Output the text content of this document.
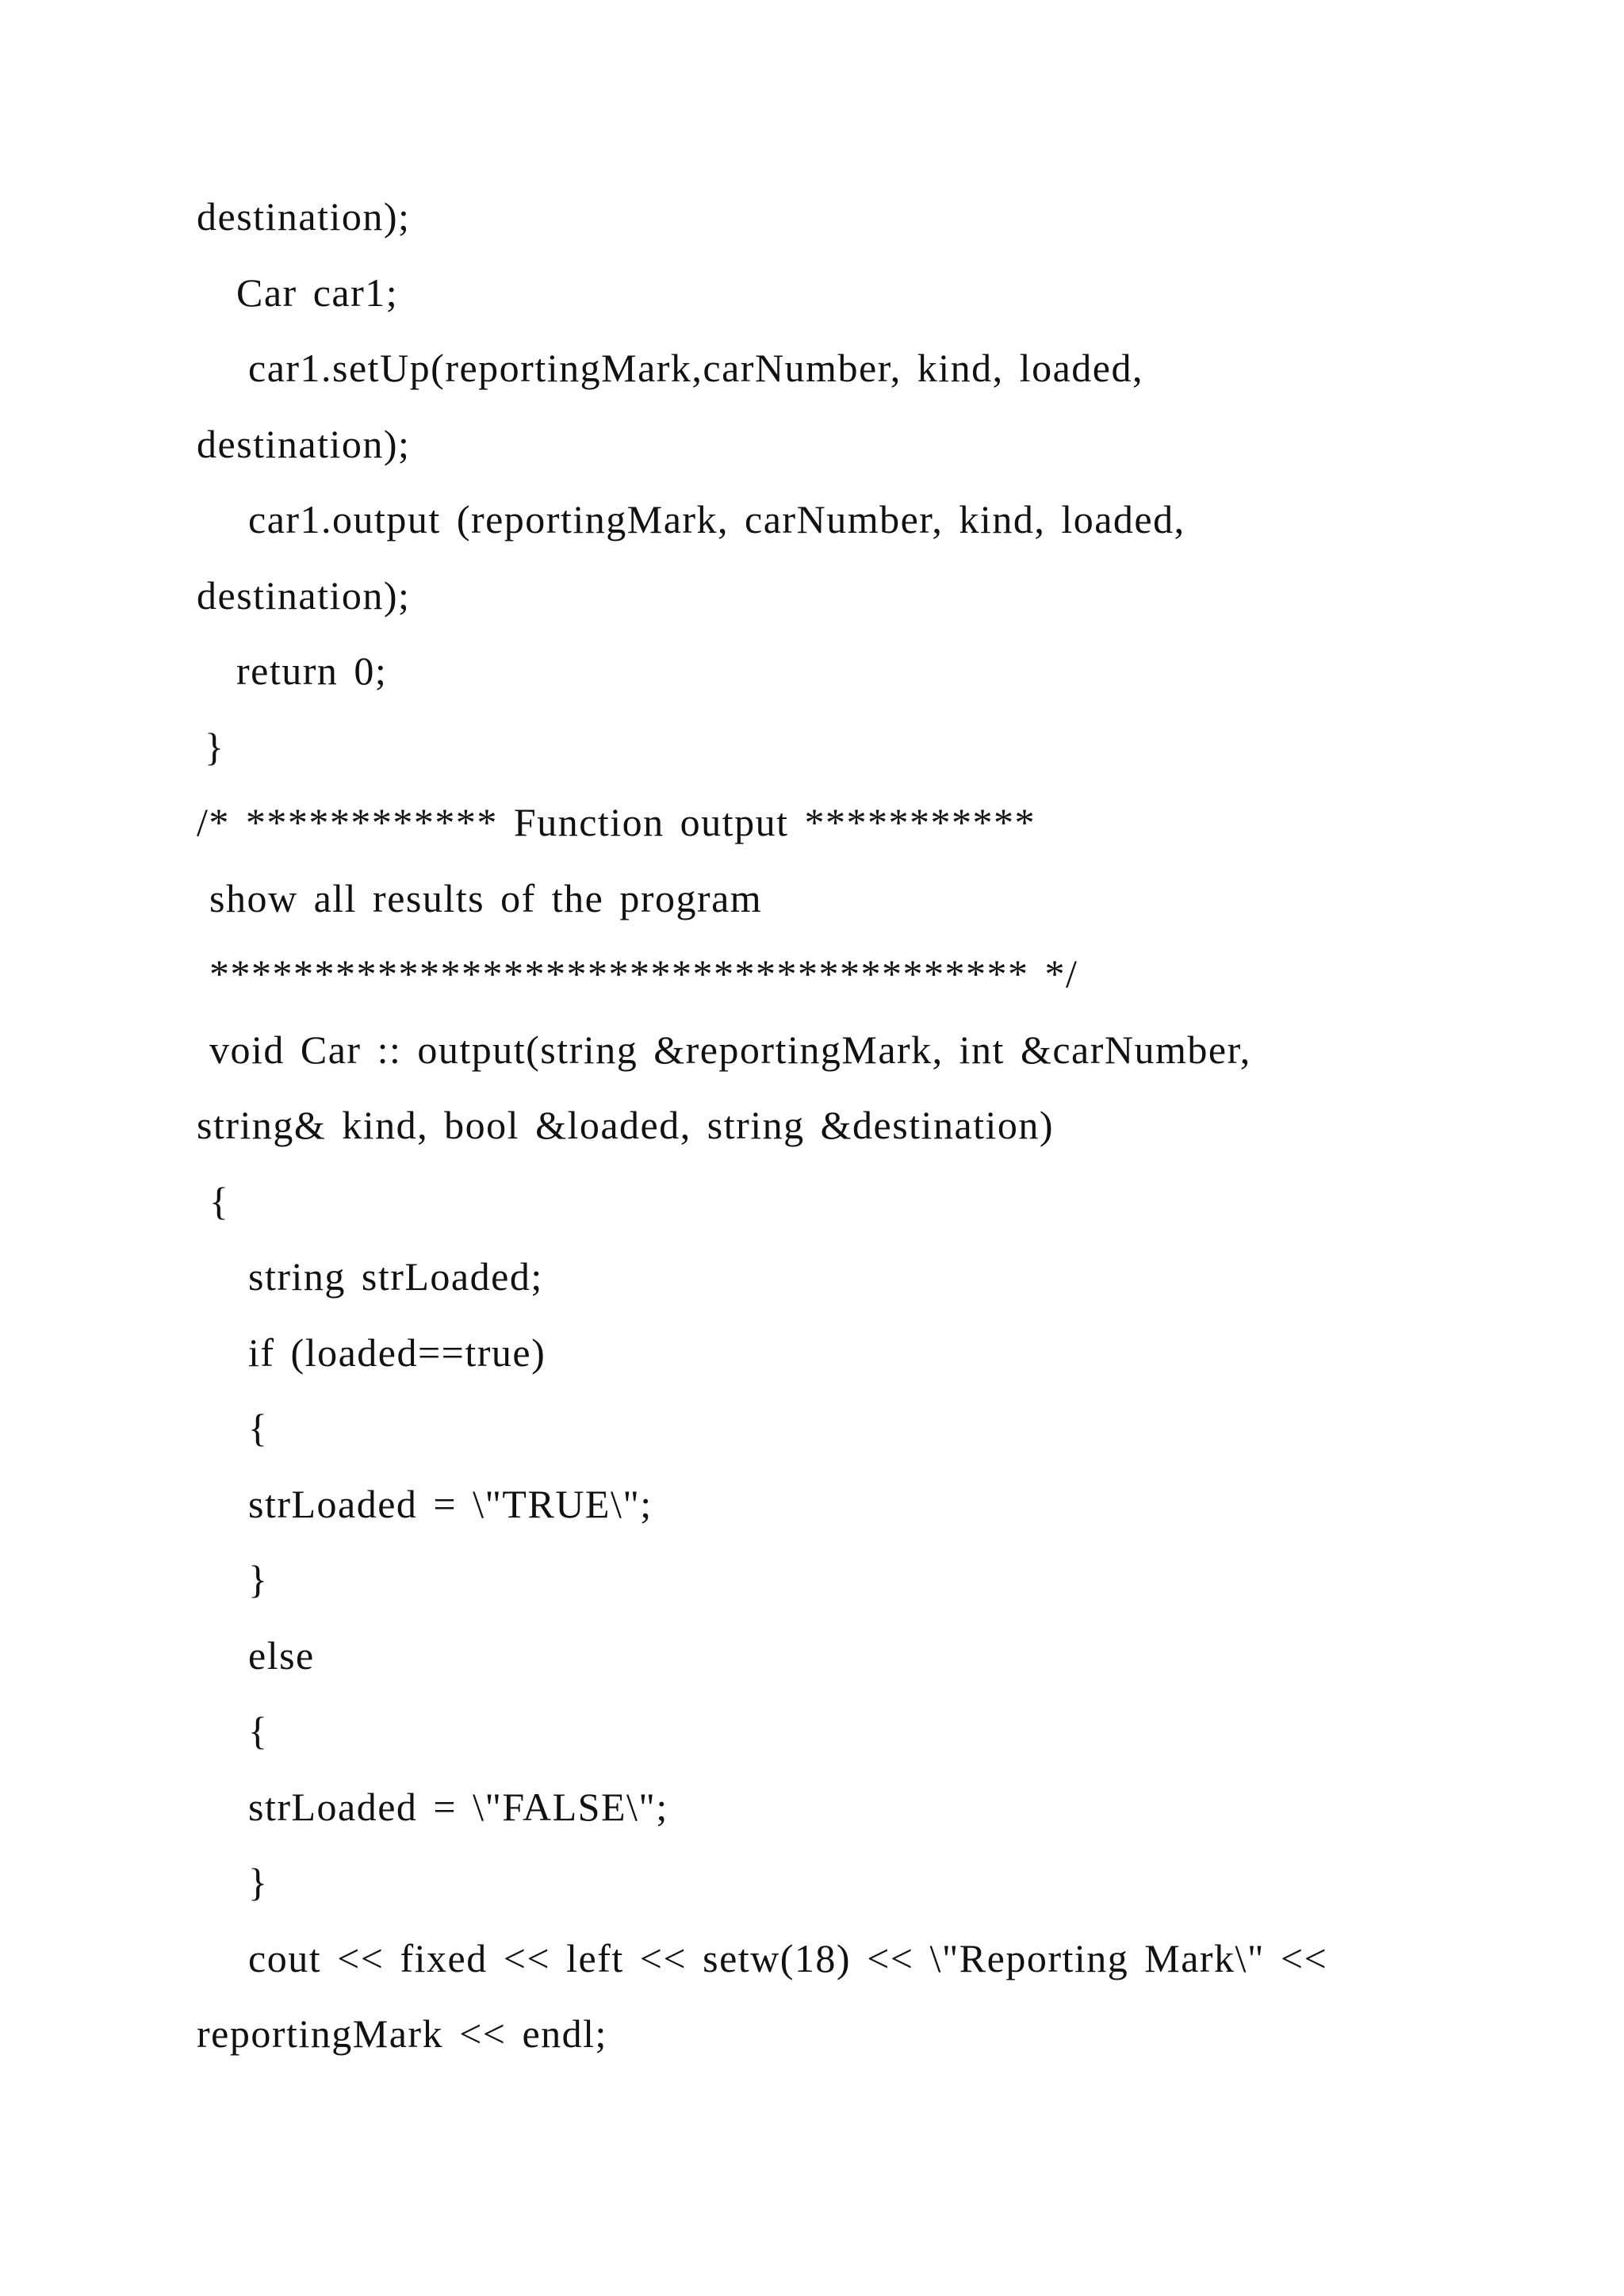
destination);
Car car1;
car1.setUp(reportingMark,carNumber, kind, loaded,
destination);
car1.output (reportingMark, carNumber, kind, loaded,
destination);
return 0;
}
/* ************ Function output ***********
show all results of the program
*************************************** */
void Car :: output(string &reportingMark, int &carNumber,
string& kind, bool &loaded, string &destination)
{
string strLoaded;
if (loaded==true)
{
strLoaded = \"TRUE\";
}
else
{
strLoaded = \"FALSE\";
}
cout << fixed << left << setw(18) << \"Reporting Mark\" <<
reportingMark << endl;
